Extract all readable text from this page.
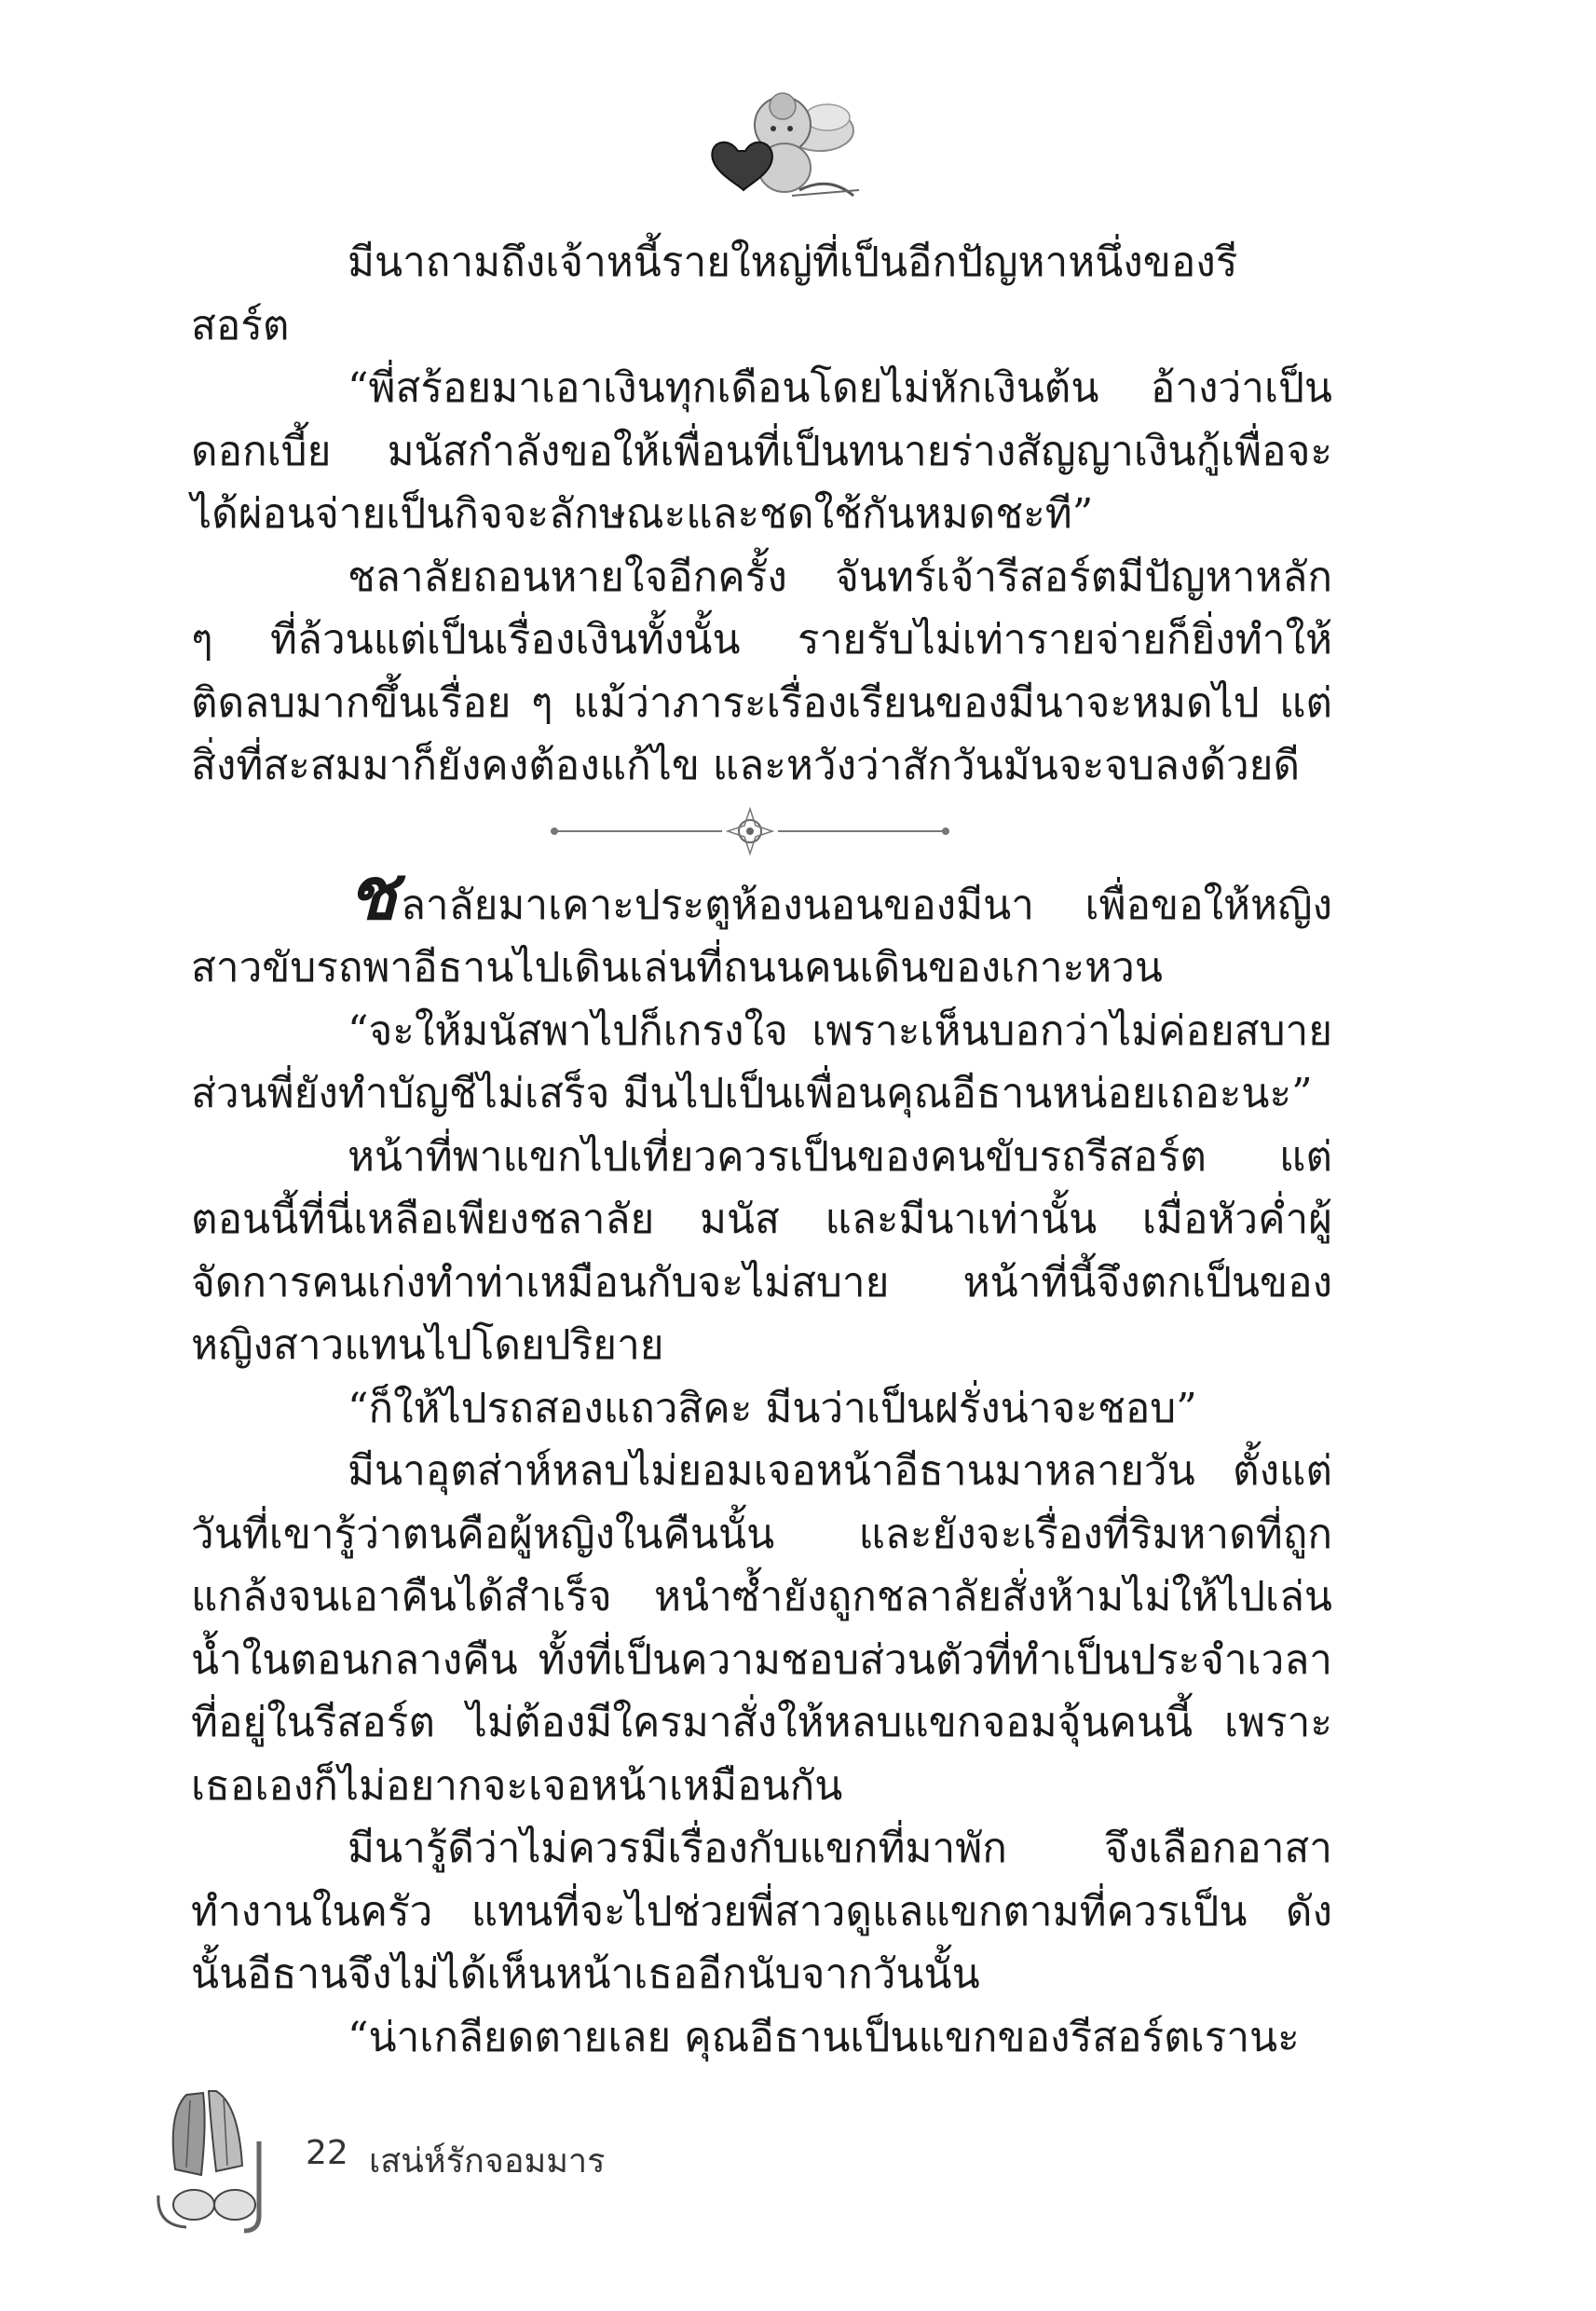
มีนาถามถึงเจ้าหนี้รายใหญ่ที่เป็นอีกปัญหาหนึ่งของรีสอร์ต

“พี่สร้อยมาเอาเงินทุกเดือนโดยไม่หักเงินต้น อ้างว่าเป็นดอกเบี้ย มนัสกำลังขอให้เพื่อนที่เป็นทนายร่างสัญญาเงินกู้เพื่อจะได้ผ่อนจ่ายเป็นกิจจะลักษณะและชดใช้กันหมดชะที”

ชลาลัยถอนหายใจอีกครั้ง จันทร์เจ้ารีสอร์ตมีปัญหาหลัก ๆ ที่ล้วนแต่เป็นเรื่องเงินทั้งนั้น รายรับไม่เท่ารายจ่ายก็ยิ่งทำให้ติดลบมากขึ้นเรื่อย ๆ แม้ว่าภาระเรื่องเรียนของมีนาจะหมดไป แต่สิ่งที่สะสมมาก็ยังคงต้องแก้ไข และหวังว่าสักวันมันจะจบลงด้วยดี

ชลาลัยมาเคาะประตูห้องนอนของมีนา เพื่อขอให้หญิงสาวขับรถพาอีธานไปเดินเล่นที่ถนนคนเดินของเกาะหวน

“จะให้มนัสพาไปก็เกรงใจ เพราะเห็นบอกว่าไม่ค่อยสบาย ส่วนพี่ยังทำบัญชีไม่เสร็จ มีนไปเป็นเพื่อนคุณอีธานหน่อยเถอะนะ”

หน้าที่พาแขกไปเที่ยวควรเป็นของคนขับรถรีสอร์ต แต่ตอนนี้ที่นี่เหลือเพียงชลาลัย มนัส และมีนาเท่านั้น เมื่อหัวค่ำผู้จัดการคนเก่งทำท่าเหมือนกับจะไม่สบาย หน้าที่นี้จึงตกเป็นของหญิงสาวแทนไปโดยปริยาย

“ก็ให้ไปรถสองแถวสิคะ มีนว่าเป็นฝรั่งน่าจะชอบ”

มีนาอุตส่าห์หลบไม่ยอมเจอหน้าอีธานมาหลายวัน ตั้งแต่วันที่เขารู้ว่าตนคือผู้หญิงในคืนนั้น และยังจะเรื่องที่ริมหาดที่ถูกแกล้งจนเอาคืนได้สำเร็จ หนำซ้ำยังถูกชลาลัยสั่งห้ามไม่ให้ไปเล่นน้ำในตอนกลางคืน ทั้งที่เป็นความชอบส่วนตัวที่ทำเป็นประจำเวลาที่อยู่ในรีสอร์ต ไม่ต้องมีใครมาสั่งให้หลบแขกจอมจุ้นคนนี้ เพราะเธอเองก็ไม่อยากจะเจอหน้าเหมือนกัน

มีนารู้ดีว่าไม่ควรมีเรื่องกับแขกที่มาพัก จึงเลือกอาสาทำงานในครัว แทนที่จะไปช่วยพี่สาวดูแลแขกตามที่ควรเป็น ดังนั้นอีธานจึงไม่ได้เห็นหน้าเธออีกนับจากวันนั้น

“น่าเกลียดตายเลย คุณอีธานเป็นแขกของรีสอร์ตเรานะ

22 เสน่ห์รักจอมมาร
